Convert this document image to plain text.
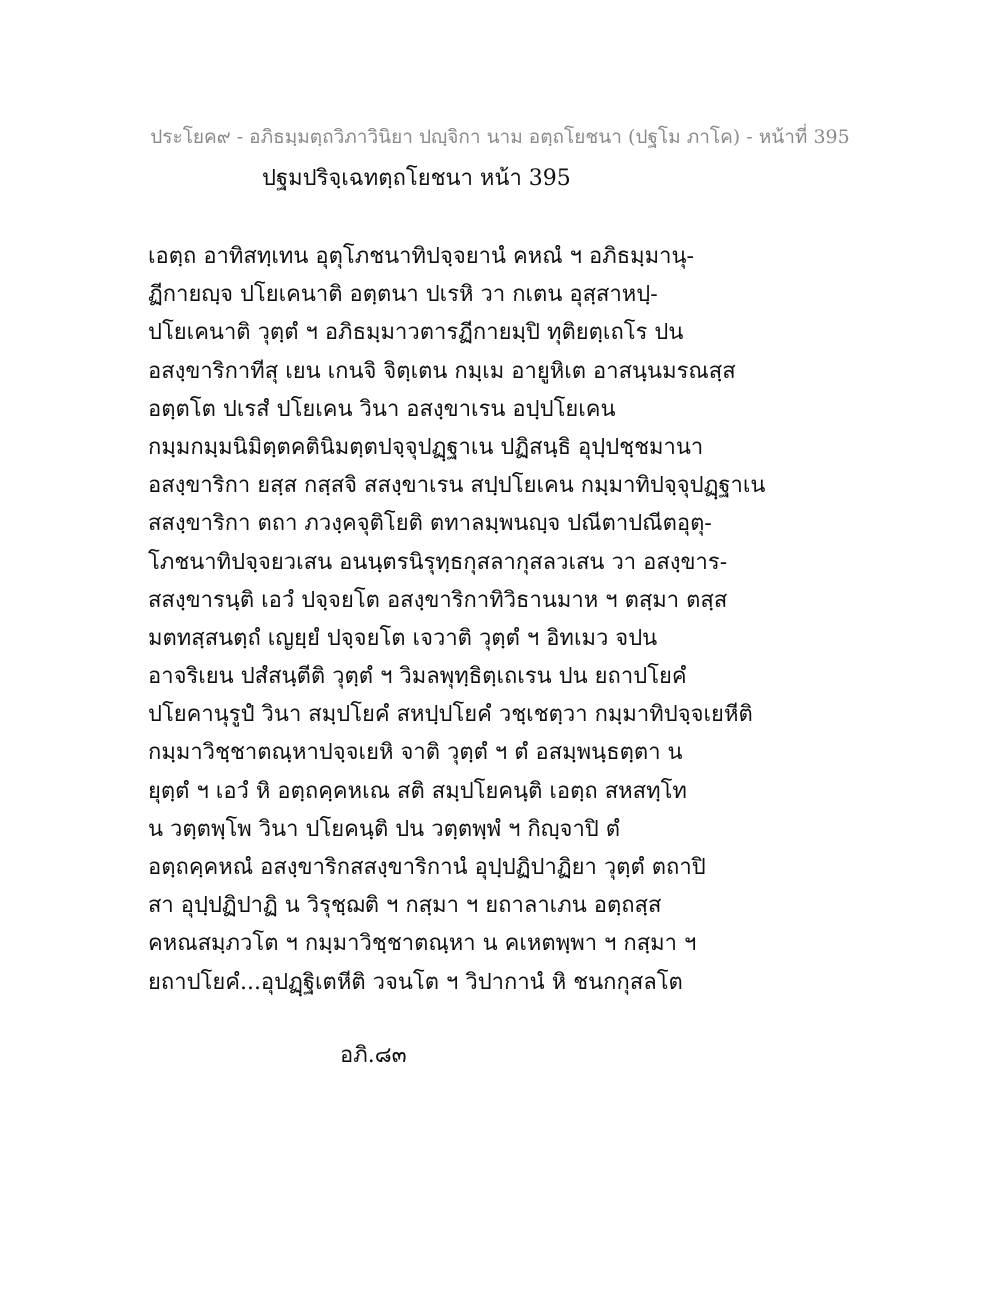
ประโยค๙ - อภิธมฺมตฺถวิภาวินิยา ปญฺจิกา นาม อตฺถโยชนา (ปฐโม ภาโค) - หน้าที่ 395
ปฐมปริจฺเฉทตฺถโยชนา หน้า 395
เอตฺถ อาทิสทฺเทน อุตุโภชนาทิปจฺจยานํ คหณํ ฯ อภิธมฺมานุ-
ฏีกายญฺจ ปโยเคนาติ อตฺตนา ปเรหิ วา กเตน อุสฺสาหปฺ-
ปโยเคนาติ วุตฺตํ ฯ อภิธมฺมาวตารฏีกายมฺปิ ทุติยตฺเถโร ปน
อสงฺขาริกาทีสุ เยน เกนจิ จิตฺเตน กมฺเม อายูหิเต อาสนฺนมรณสฺส
อตฺตโต ปเรสํ ปโยเคน วินา อสงฺขาเรน อปฺปโยเคน
กมฺมกมฺมนิมิตฺตคตินิมตฺตปจฺจุปฏฺฐาเน ปฏิสนฺธิ อุปฺปชฺชมานา
อสงฺขาริกา ยสฺส กสฺสจิ สสงฺขาเรน สปฺปโยเคน กมฺมาทิปจฺจุปฏฺฐาเน
สสงฺขาริกา ตถา ภวงฺคจุติโยติ ตทาลมฺพนญฺจ ปณีตาปณีตอุตุ-
โภชนาทิปจฺจยวเสน อนนฺตรนิรุทฺธกุสลากุสลวเสน วา อสงฺขาร-
สสงฺขารนฺติ เอวํ ปจฺจยโต อสงฺขาริกาทิวิธานมาห ฯ ตสฺมา ตสฺส
มตทสฺสนตฺถํ เญยฺยํ ปจฺจยโต เจวาติ วุตฺตํ ฯ อิทเมว จปน
อาจริเยน ปสํสนฺตีติ วุตฺตํ ฯ วิมลพุทฺธิตฺเถเรน ปน ยถาปโยคํ
ปโยคานุรูปํ วินา สมฺปโยคํ สหปฺปโยคํ วชฺเชตฺวา กมฺมาทิปจฺจเยหีติ
กมฺมาวิชฺชาตณฺหาปจฺจเยหิ จาติ วุตฺตํ ฯ ตํ อสมฺพนฺธตฺตา น
ยุตฺตํ ฯ เอวํ หิ อตฺถคฺคหเณ สติ สมฺปโยคนฺติ เอตฺถ สหสทฺโท
น วตฺตพฺโพ วินา ปโยคนฺติ ปน วตฺตพฺพํ ฯ กิญฺจาปิ ตํ
อตฺถคฺคหณํ อสงฺขาริกสสงฺขาริกานํ อุปฺปฏิปาฏิยา วุตฺตํ ตถาปิ
สา อุปฺปฏิปาฏิ น วิรุชฺฌติ ฯ กสฺมา ฯ ยถาลาเภน อตฺถสฺส
คหณสมฺภวโต ฯ กมฺมาวิชฺชาตณฺหา น คเหตพฺพา ฯ กสฺมา ฯ
ยถาปโยคํ...อุปฏฺฐิเตหีติ วจนโต ฯ วิปากานํ หิ ชนกกุสลโต
อภิ.๘๓
